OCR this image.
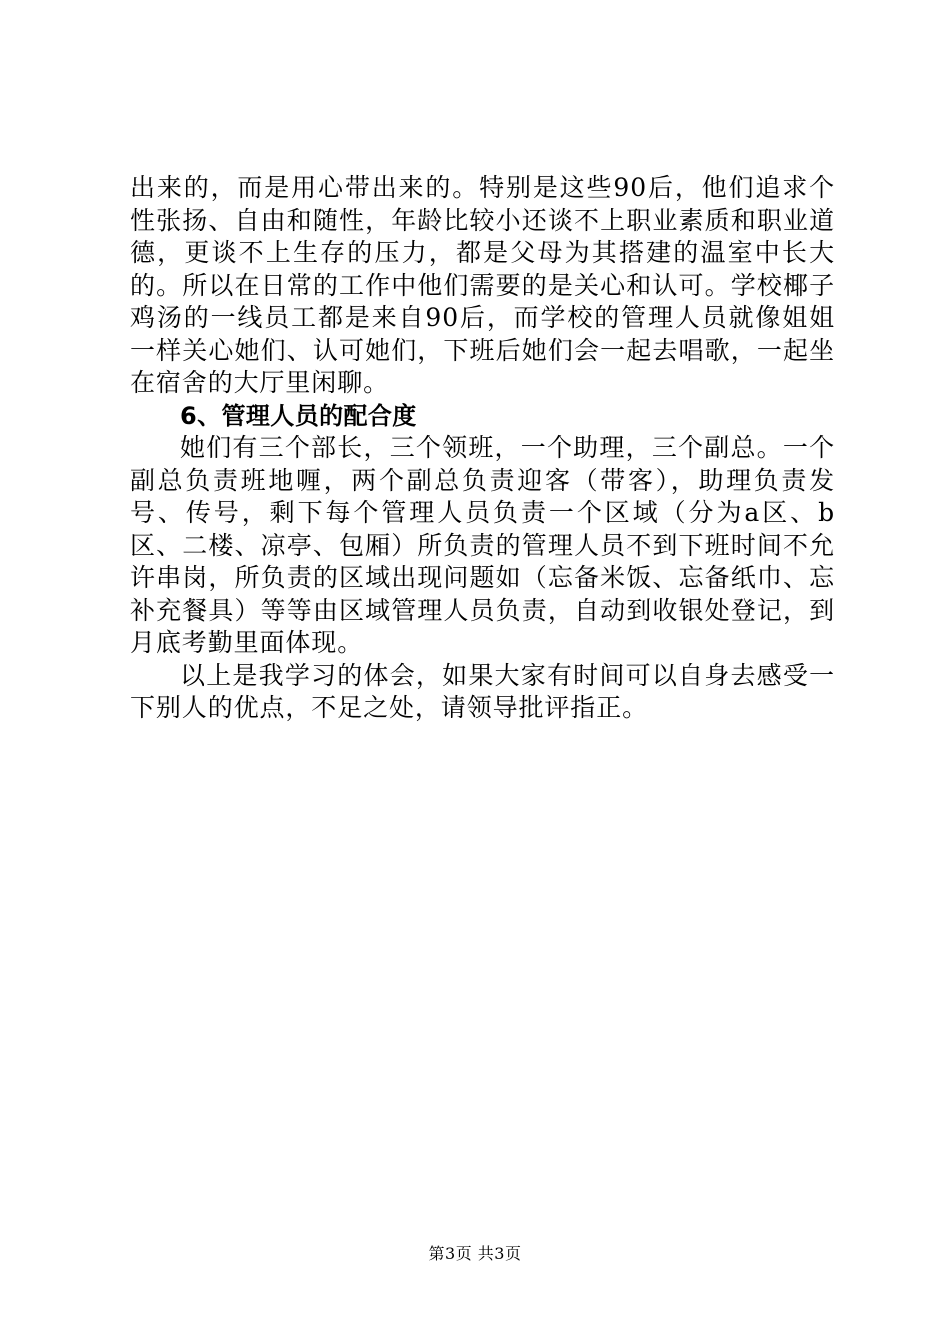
出来的，而是用心带出来的。特别是这些90后，他们追求个性张扬、自由和随性，年龄比较小还谈不上职业素质和职业道德，更谈不上生存的压力，都是父母为其搭建的温室中长大的。所以在日常的工作中他们需要的是关心和认可。学校椰子鸡汤的一线员工都是来自90后，而学校的管理人员就像姐姐一样关心她们、认可她们，下班后她们会一起去唱歌，一起坐在宿舍的大厅里闲聊。

6、管理人员的配合度

她们有三个部长，三个领班，一个助理，三个副总。一个副总负责班地喱，两个副总负责迎客（带客），助理负责发号、传号，剩下每个管理人员负责一个区域（分为a区、b区、二楼、凉亭、包厢）所负责的管理人员不到下班时间不允许串岗，所负责的区域出现问题如（忘备米饭、忘备纸巾、忘补充餐具）等等由区域管理人员负责，自动到收银处登记，到月底考勤里面体现。

以上是我学习的体会，如果大家有时间可以自身去感受一下别人的优点，不足之处，请领导批评指正。

第3页 共3页
